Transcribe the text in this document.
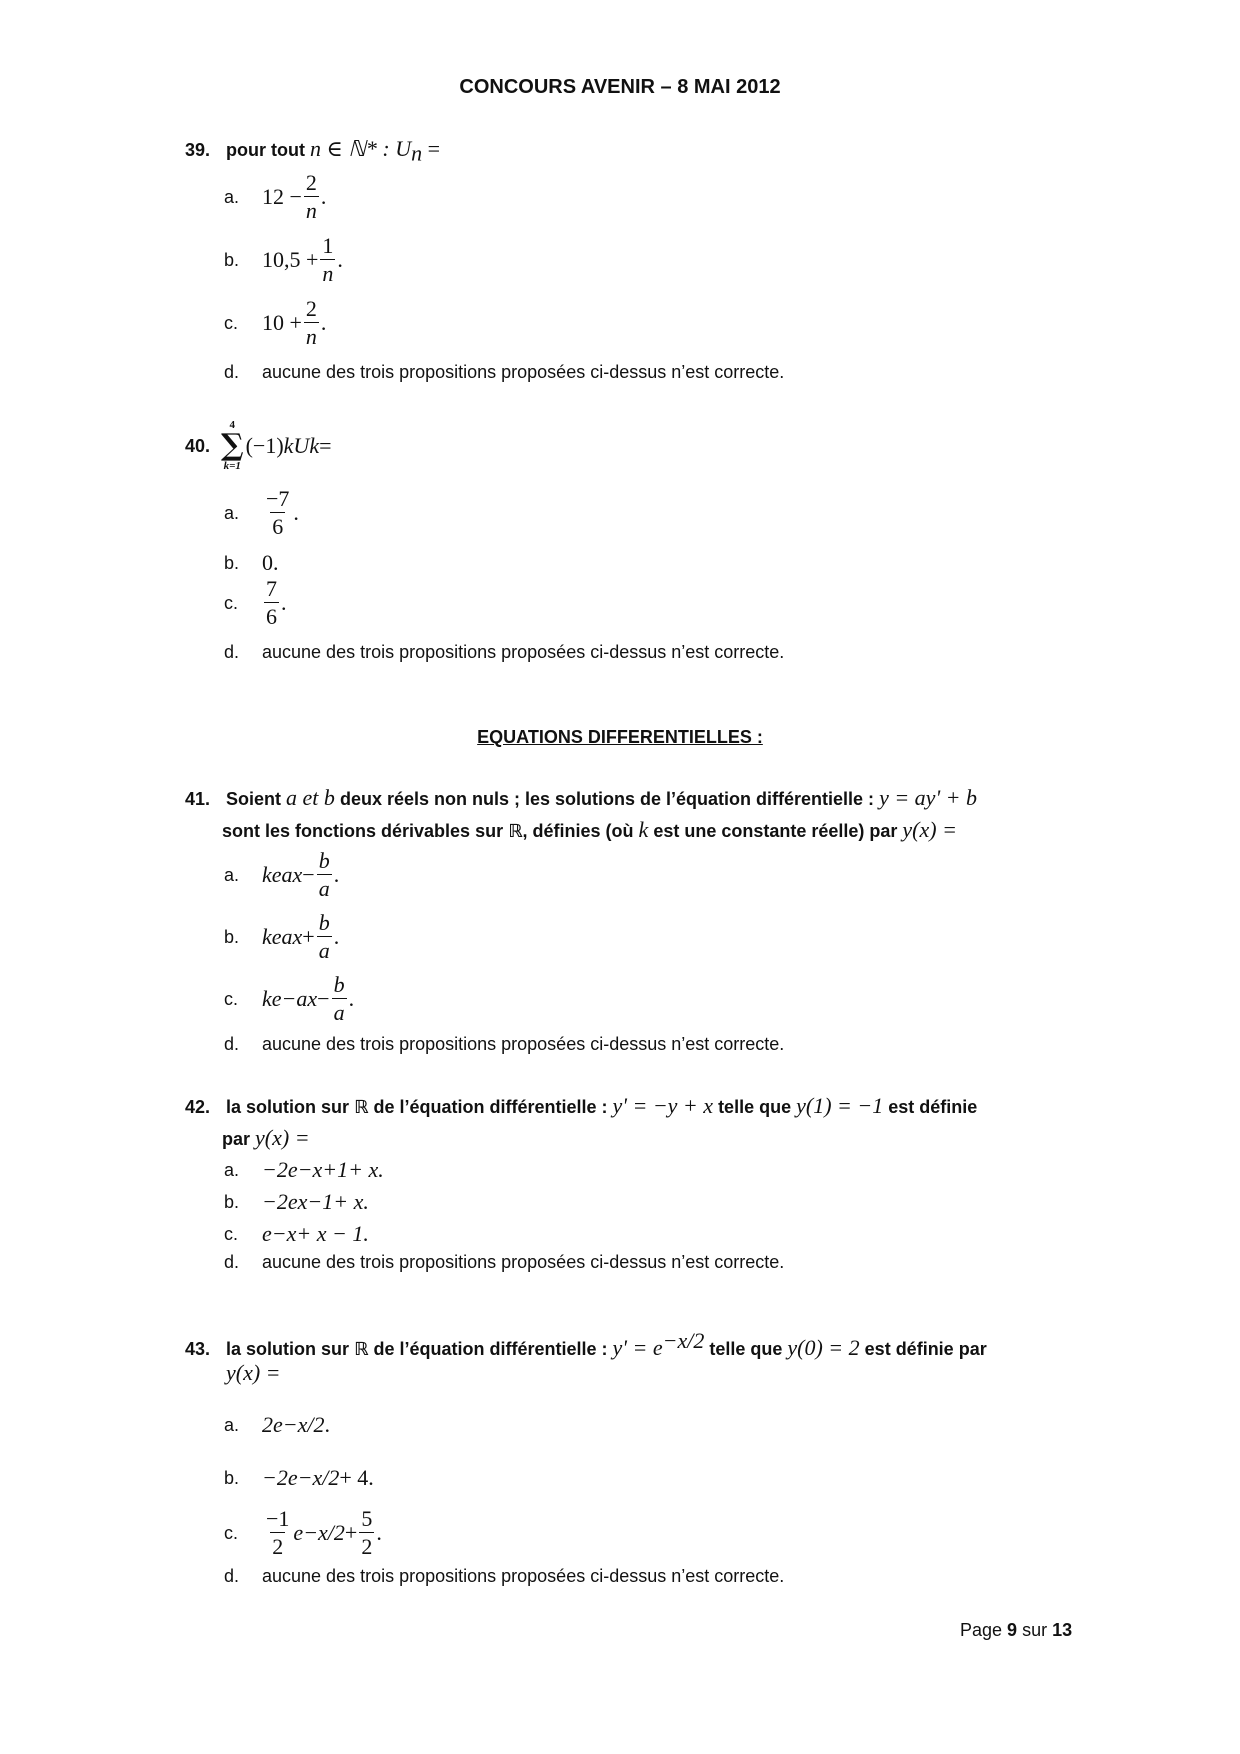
CONCOURS AVENIR – 8 MAI 2012
39. pour tout n ∈ ℕ* : $U_n$ =
a.	$12 - \frac{2}{n}$ .
b.	$10,5 + \frac{1}{n}$ .
c.	$10 + \frac{2}{n}$ .
d.	aucune des trois propositions proposées ci-dessus n’est correcte.
40.
4
∑
k=1
(−1) k U k =
a.	$\frac{-7}{6}$ .
b.	0.
c.	$\frac{7}{6}$ .
d.	aucune des trois propositions proposées ci-dessus n’est correcte.
EQUATIONS DIFFERENTIELLES :
41. Soient a et b deux réels non nuls ; les solutions de l’équation différentielle : y = ay' + b
sont les fonctions dérivables sur ℝ, définies (où k est une constante réelle) par y(x) =
a.	ke ax − $\frac{b}{a}$ .
b.	ke ax + $\frac{b}{a}$ .
c.	ke $-ax - \frac{b}{a}$ .
d.	aucune des trois propositions proposées ci-dessus n’est correcte.
42. la solution sur ℝ de l’équation différentielle : y' = −y + x telle que y(1) = −1 est définie
par y(x) =
a.	−2e −x+1 + x.
b.	−2e x−1 + x.
c.	e −x + x − 1.
d.	aucune des trois propositions proposées ci-dessus n’est correcte.
43. la solution sur ℝ de l’équation différentielle : $y' = e^{-x/2}$ telle que y(0) = 2 est définie par
y(x) =
a.	2e −x/2 .
b.	−2e −x/2 + 4.
c.	$\frac{-1}{2}$ $e -x/2 + \frac{5}{2}$ .
d.	aucune des trois propositions proposées ci-dessus n’est correcte.
Page 9 sur 13
